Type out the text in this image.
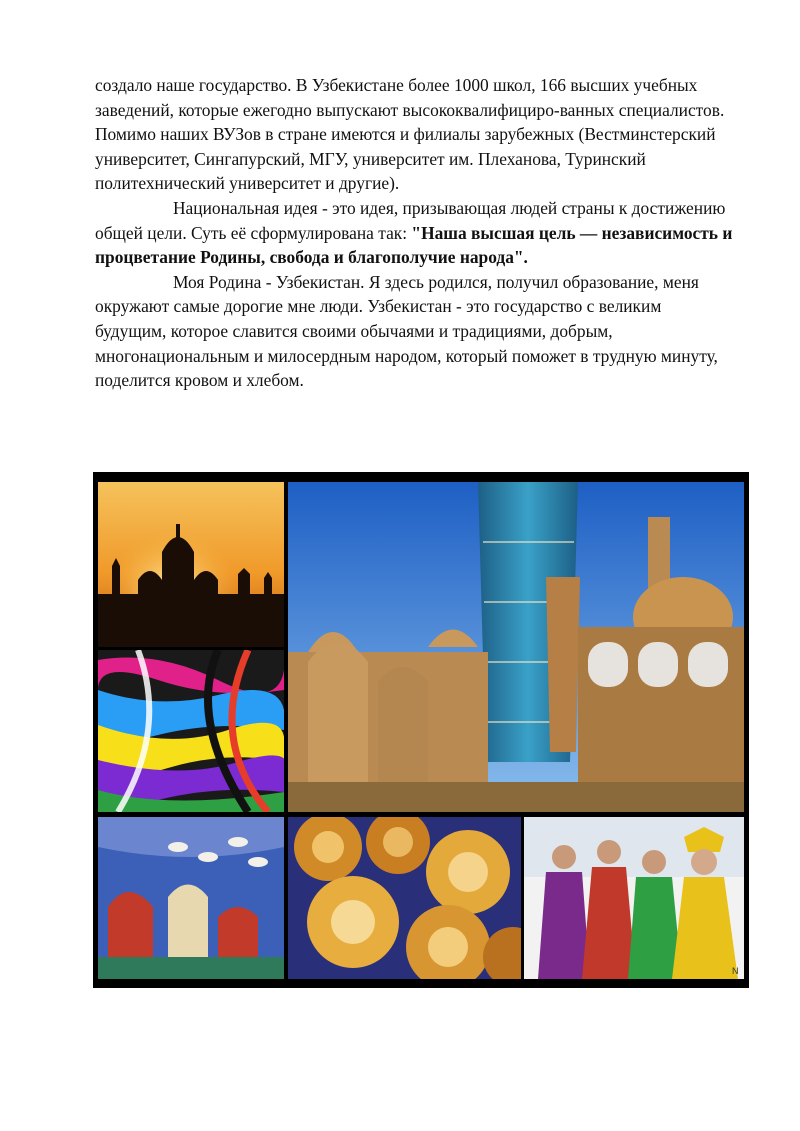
создало наше государство. В Узбекистане более 1000 школ, 166 высших учебных заведений, которые ежегодно выпускают высококвалифициро-ванных специалистов. Помимо наших ВУЗов в стране имеются и филиалы зарубежных (Вестминстерский университет, Сингапурский, МГУ, университет им. Плеханова, Туринский политехнический университет и другие).

Национальная идея - это идея, призывающая людей страны к достижению общей цели. Суть её сформулирована так: "Наша высшая цель — независимость и процветание Родины, свобода и благополучие народа".

Моя Родина - Узбекистан. Я здесь родился, получил образование, меня окружают самые дорогие мне люди. Узбекистан - это государство с великим будущим, которое славится своими обычаями и традициями, добрым, многонациональным и милосердным народом, который поможет в трудную минуту, поделится кровом и хлебом.

N
